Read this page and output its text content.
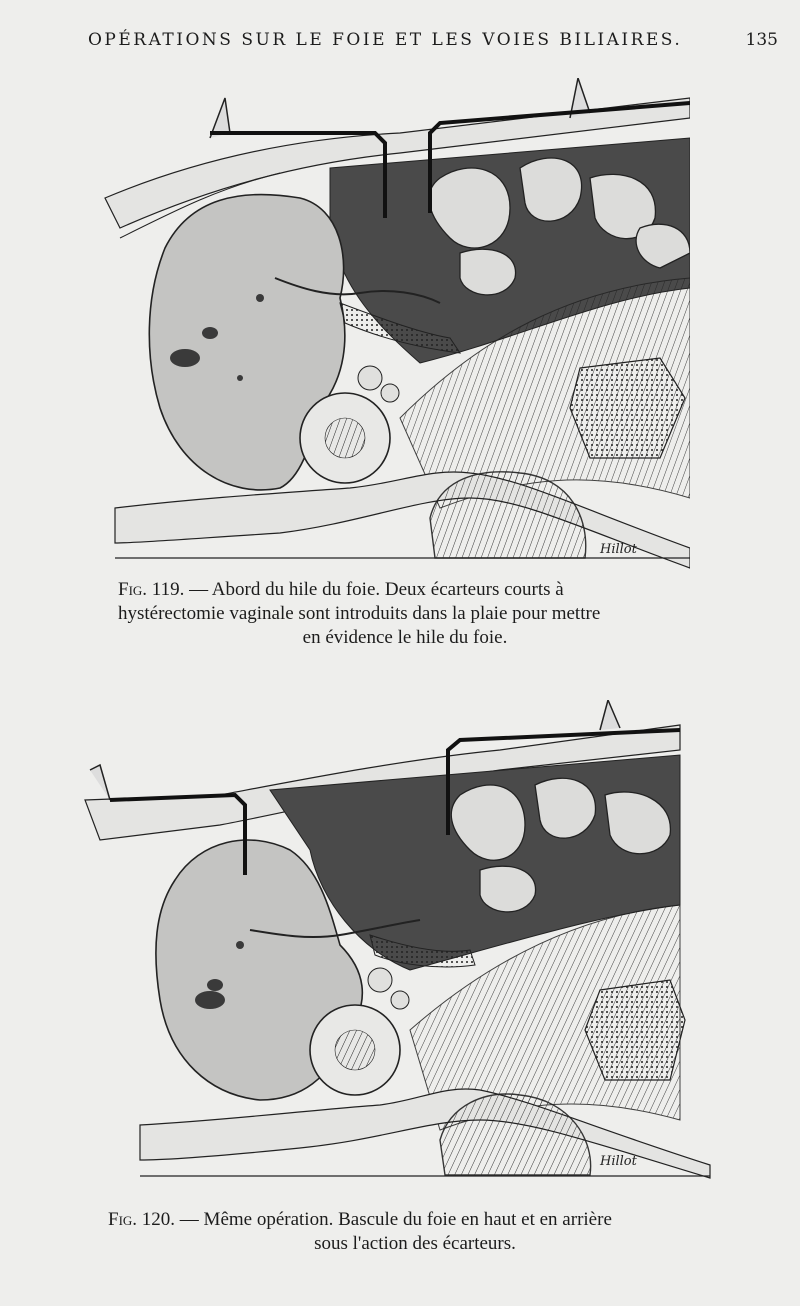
OPÉRATIONS SUR LE FOIE ET LES VOIES BILIAIRES.	135
Hillot
Fig. 119. — Abord du hile du foie. Deux écarteurs courts à
hystérectomie vaginale sont introduits dans la plaie pour mettre
en évidence le hile du foie.
Hillot
Fig. 120. — Même opération. Bascule du foie en haut et en arrière
sous l'action des écarteurs.
